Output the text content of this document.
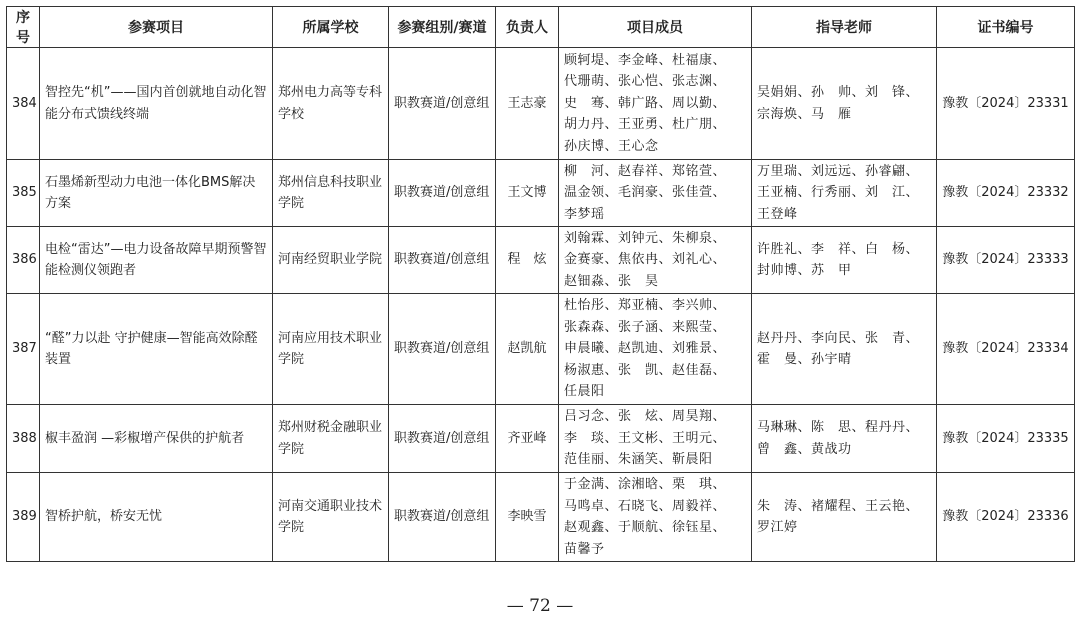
序号	参赛项目	所属学校	参赛组别/赛道	负责人	项目成员	指导老师	证书编号
384	智控先“机”——国内首创就地自动化智能分布式馈线终端	郑州电力高等专科学校	职教赛道/创意组	王志豪	顾轲堤、李金峰、杜福康、
代珊萌、张心恺、张志渊、
史　骞、韩广路、周以勤、
胡力丹、王亚勇、杜广朋、
孙庆博、王心念	吴娟娟、孙　帅、刘　锋、
宗海焕、马　雁	豫教〔2024〕23331
385	石墨烯新型动力电池一体化BMS解决方案	郑州信息科技职业学院	职教赛道/创意组	王文博	柳　河、赵春祥、郑铭萱、
温金领、毛润豪、张佳萱、
李梦瑶	万里瑞、刘远远、孙睿翩、
王亚楠、行秀丽、刘　江、
王登峰	豫教〔2024〕23332
386	电检“雷达”—电力设备故障早期预警智能检测仪领跑者	河南经贸职业学院	职教赛道/创意组	程　炫	刘翰霖、刘钟元、朱柳泉、
金赛豪、焦依冉、刘礼心、
赵钿淼、张　昊	许胜礼、李　祥、白　杨、
封帅博、苏　甲	豫教〔2024〕23333
387	“醛”力以赴 守护健康—智能高效除醛装置	河南应用技术职业学院	职教赛道/创意组	赵凯航	杜怡彤、郑亚楠、李兴帅、
张森森、张子涵、来熙莹、
申晨曦、赵凯迪、刘雅景、
杨淑惠、张　凯、赵佳磊、
任晨阳	赵丹丹、李向民、张　青、
霍　曼、孙宇晴	豫教〔2024〕23334
388	椒丰盈润 —彩椒增产保供的护航者	郑州财税金融职业学院	职教赛道/创意组	齐亚峰	吕习念、张　炫、周昊翔、
李　琰、王文彬、王明元、
范佳丽、朱涵笑、靳晨阳	马琳琳、陈　思、程丹丹、
曾　鑫、黄战功	豫教〔2024〕23335
389	智桥护航，桥安无忧	河南交通职业技术学院	职教赛道/创意组	李映雪	于金满、涂湘晗、栗　琪、
马鸣卓、石晓飞、周毅祥、
赵观鑫、于顺航、徐钰星、
苗馨予	朱　涛、褚耀程、王云艳、
罗江婷	豫教〔2024〕23336
— 72 —
